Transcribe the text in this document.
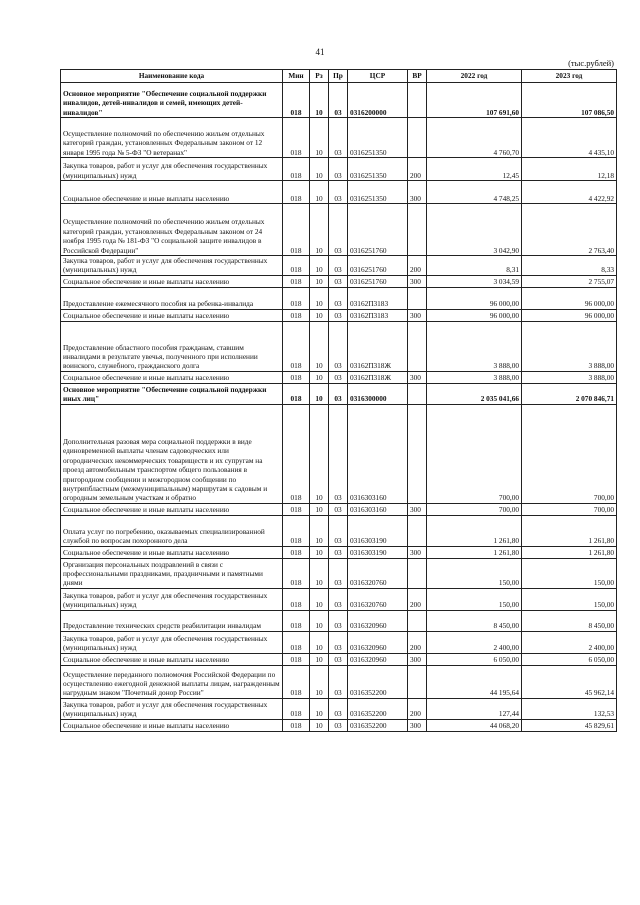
41
(тыс.рублей)
Наименование кода	Мин	Рз	Пр	ЦСР	ВР	2022 год	2023 год
Основное мероприятие "Обеспечение социальной поддержки инвалидов, детей-инвалидов и семей, имеющих детей-инвалидов"	018	10	03	0316200000		107 691,60	107 086,50
Осуществление полномочий по обеспечению жильем отдельных категорий граждан, установленных Федеральным законом от 12 января 1995 года № 5-ФЗ "О ветеранах"	018	10	03	0316251350		4 760,70	4 435,10
Закупка товаров, работ и услуг для обеспечения государственных (муниципальных) нужд	018	10	03	0316251350	200	12,45	12,18
Социальное обеспечение и иные выплаты населению	018	10	03	0316251350	300	4 748,25	4 422,92
Осуществление полномочий по обеспечению жильем отдельных категорий граждан, установленных Федеральным законом от 24 ноября 1995 года № 181-ФЗ "О социальной защите инвалидов в Российской Федерации"	018	10	03	0316251760		3 042,90	2 763,40
Закупка товаров, работ и услуг для обеспечения государственных (муниципальных) нужд	018	10	03	0316251760	200	8,31	8,33
Социальное обеспечение и иные выплаты населению	018	10	03	0316251760	300	3 034,59	2 755,07
Предоставление ежемесячного пособия на ребенка-инвалида	018	10	03	03162П3183		96 000,00	96 000,00
Социальное обеспечение и иные выплаты населению	018	10	03	03162П3183	300	96 000,00	96 000,00
Предоставление областного пособия гражданам, ставшим инвалидами в результате увечья, полученного при исполнении воинского, служебного, гражданского долга	018	10	03	03162П318Ж		3 888,00	3 888,00
Социальное обеспечение и иные выплаты населению	018	10	03	03162П318Ж	300	3 888,00	3 888,00
Основное мероприятие "Обеспечение социальной поддержки иных лиц"	018	10	03	0316300000		2 035 041,66	2 070 846,71
Дополнительная разовая мера социальной поддержки в виде единовременной выплаты членам садоводческих или огороднических некоммерческих товариществ и их супругам на проезд автомобильным транспортом общего пользования в пригородном сообщении и межгородном сообщении по внутрипбластным (межмуниципальным) маршрутам к садовым и огородным земельным участкам и обратно	018	10	03	0316303160		700,00	700,00
Социальное обеспечение и иные выплаты населению	018	10	03	0316303160	300	700,00	700,00
Оплата услуг по погребению, оказываемых специализированной службой по вопросам похоронного дела	018	10	03	0316303190		1 261,80	1 261,80
Социальное обеспечение и иные выплаты населению	018	10	03	0316303190	300	1 261,80	1 261,80
Организация персональных поздравлений в связи с профессиональными праздниками, праздничными и памятными днями	018	10	03	0316320760		150,00	150,00
Закупка товаров, работ и услуг для обеспечения государственных (муниципальных) нужд	018	10	03	0316320760	200	150,00	150,00
Предоставление технических средств реабилитации инвалидам	018	10	03	0316320960		8 450,00	8 450,00
Закупка товаров, работ и услуг для обеспечения государственных (муниципальных) нужд	018	10	03	0316320960	200	2 400,00	2 400,00
Социальное обеспечение и иные выплаты населению	018	10	03	0316320960	300	6 050,00	6 050,00
Осуществление переданного полномочия Российской Федерации по осуществлению ежегодной денежной выплаты лицам, награжденным нагрудным знаком "Почетный донор России"	018	10	03	0316352200		44 195,64	45 962,14
Закупка товаров, работ и услуг для обеспечения государственных (муниципальных) нужд	018	10	03	0316352200	200	127,44	132,53
Социальное обеспечение и иные выплаты населению	018	10	03	0316352200	300	44 068,20	45 829,61
